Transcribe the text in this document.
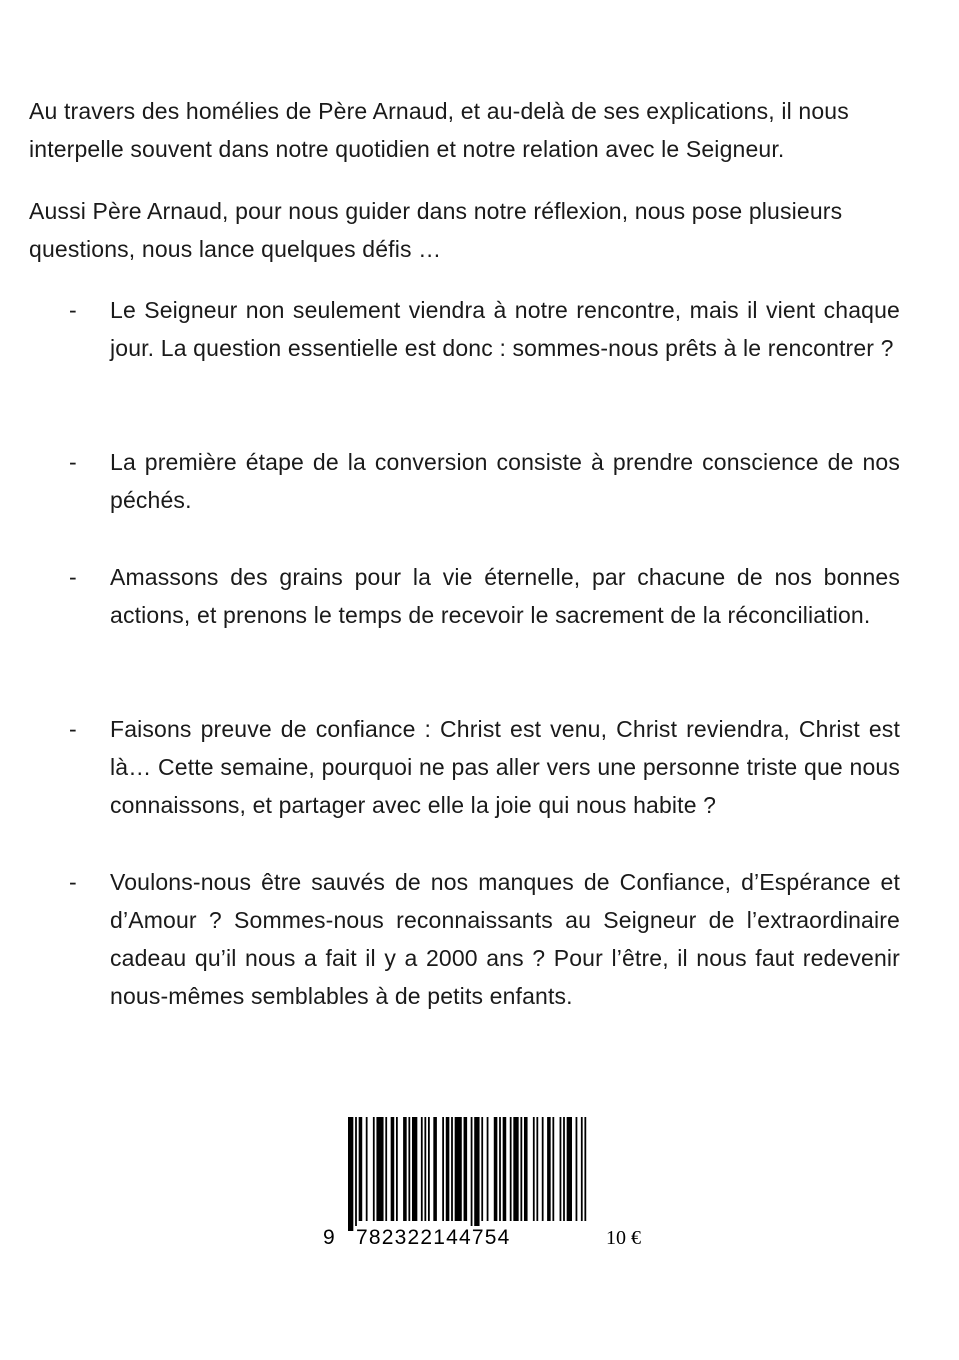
Au travers des homélies de Père Arnaud, et au-delà de ses explications, il nous interpelle souvent dans notre quotidien et notre relation avec le Seigneur.

Aussi Père Arnaud, pour nous guider dans notre réflexion, nous pose plusieurs questions, nous lance quelques défis …

- Le Seigneur non seulement viendra à notre rencontre, mais il vient chaque jour. La question essentielle est donc : sommes-nous prêts à le rencontrer ?
- La première étape de la conversion consiste à prendre conscience de nos péchés.
- Amassons des grains pour la vie éternelle, par chacune de nos bonnes actions, et prenons le temps de recevoir le sacrement de la réconciliation.
- Faisons preuve de confiance : Christ est venu, Christ reviendra, Christ est là… Cette semaine, pourquoi ne pas aller vers une personne triste que nous connaissons, et partager avec elle la joie qui nous habite ?
- Voulons-nous être sauvés de nos manques de Confiance, d’Espérance et d’Amour ? Sommes-nous reconnaissants au Seigneur de l’extraordinaire cadeau qu’il nous a fait il y a 2000 ans ? Pour l’être, il nous faut redevenir nous-mêmes semblables à de petits enfants.
9 782322144754	10 €
